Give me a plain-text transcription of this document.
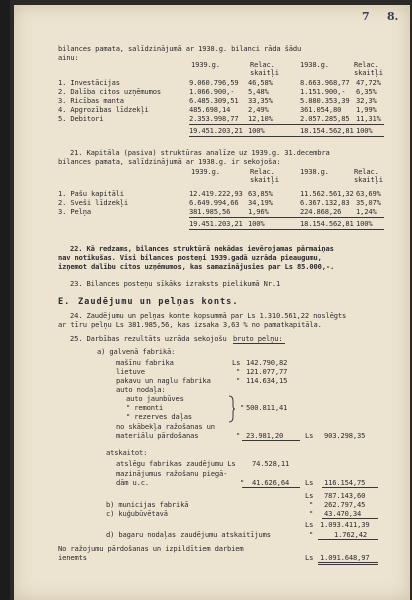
7 8.
bilances pamata, salīdzinājumā ar 1938.g. bilanci rāda šādu
ainu:
1939.g.	Relac.	1938.g.	Relac.
skaitļi	skaitļi
1. Investācijas	9.060.796,59 46,58%	8.663.968,77 47,72%
2. Dalība citos uzņēmumos	1.066.900,- 5,48%	1.151.900,- 6,35%
3. Ricības manta	6.485.309,51 33,35%	5.880.353,39 32,3%
4. Apgrozības līdzekļi	485.698,14	2,49%	361.054,80 1,99%
5. Debitori	2.353.998,77 12,10%	2.057.285,85 11,31%
19.451.203,21 100%	18.154.562,81 100%
21. Kapitāla (pasiva) struktūras analīze uz 1939.g. 31.decembra
bilances pamata, salīdzinājumā ar 1938.g. ir sekojoša:
1939.g.	Relac.	1938.g.	Relac.
skaitļi	skaitļi
1. Pašu kapitāli	12.419.222,93 63,85%	11.562.561,32 63,69%
2. Sveši līdzekļi	6.649.994,66 34,19%	6.367.132,83 35,07%
3. Pelņa	381.985,56	1,96%	224.868,26 1,24%
19.451.203,21 100%	18.154.562,81 100%
22. Kā redzams, bilances struktūrā nekādas ievērojamas pārmaiņas
nav notikušas. Visi bilances posteņi 1939.gadā uzrāda pieaugumu,
izņemot dalību citos uzņēmumos, kas samazinājusies par Ls 85.000,-.
23. Bilances posteņu sīkāks izraksts pielikumā Nr.1
E. Zaudējumu un pelņas konts.
24. Zaudējumu un pelņas konte kopsummā par Ls 1.310.561,22 noslēgts
ar tīru pelņu Ls 381.985,56, kas izsaka 3,63 % no pamatkapitāla.
25. Darbības rezultāts uzrāda sekojošu bruto pelņu:
a) galvenā fabrikā:
mašīnu fabrika	Ls 142.790,82
lietuve	" 121.077,77
pakavu un naglu fabrika	" 114.634,15
auto nodaļa:
auto jaunbūves
" remonti
" rezerves daļas
" 500.811,41
no skābekļa ražošanas un
materiālu pārdošanas	" 23.981,20	Ls 903.298,35
atskaitot:
atslēgu fabrikas zaudējumu Ls 74.528,11
mazinājumus ražošanu piegā-
dām u.c.	" 41.626,64 Ls 116.154,75
Ls 787.143,60
b) municijas fabrikā	" 262.797,45
c) kuģubūvētavā	" 43.470,34
Ls 1.093.411,39
d) bagaru nodaļas zaudējumu atskaitījums	"	1.762,42
No ražojumu pārdošanas un izpildītiem darbiem
ienemts	Ls 1.091.648,97
